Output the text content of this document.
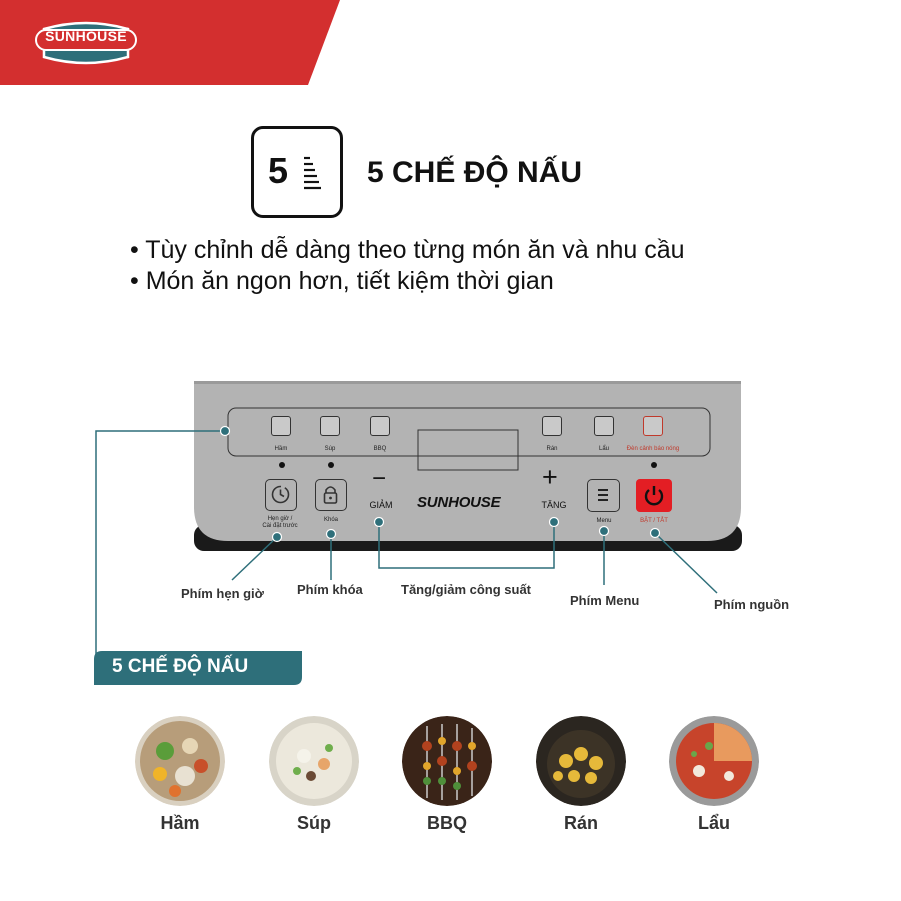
SUNHOUSE
5	5 CHẾ ĐỘ NẤU
• Tùy chỉnh dễ dàng theo từng món ăn và nhu cầu
• Món ăn ngon hơn, tiết kiệm thời gian
Hầm	Súp	BBQ	Rán	Lẩu	Đèn cảnh báo nóng
Hẹn giờ /
Cài đặt trước
Khóa
−
GIẢM	SUNHOUSE
+
TĂNG
Menu	BẬT / TẮT
Phím hẹn giờ	Phím khóa	Tăng/giảm công suất
Phím Menu	Phím nguồn
5 CHẾ ĐỘ NẤU
Hầm	Súp	BBQ	Rán	Lẩu
